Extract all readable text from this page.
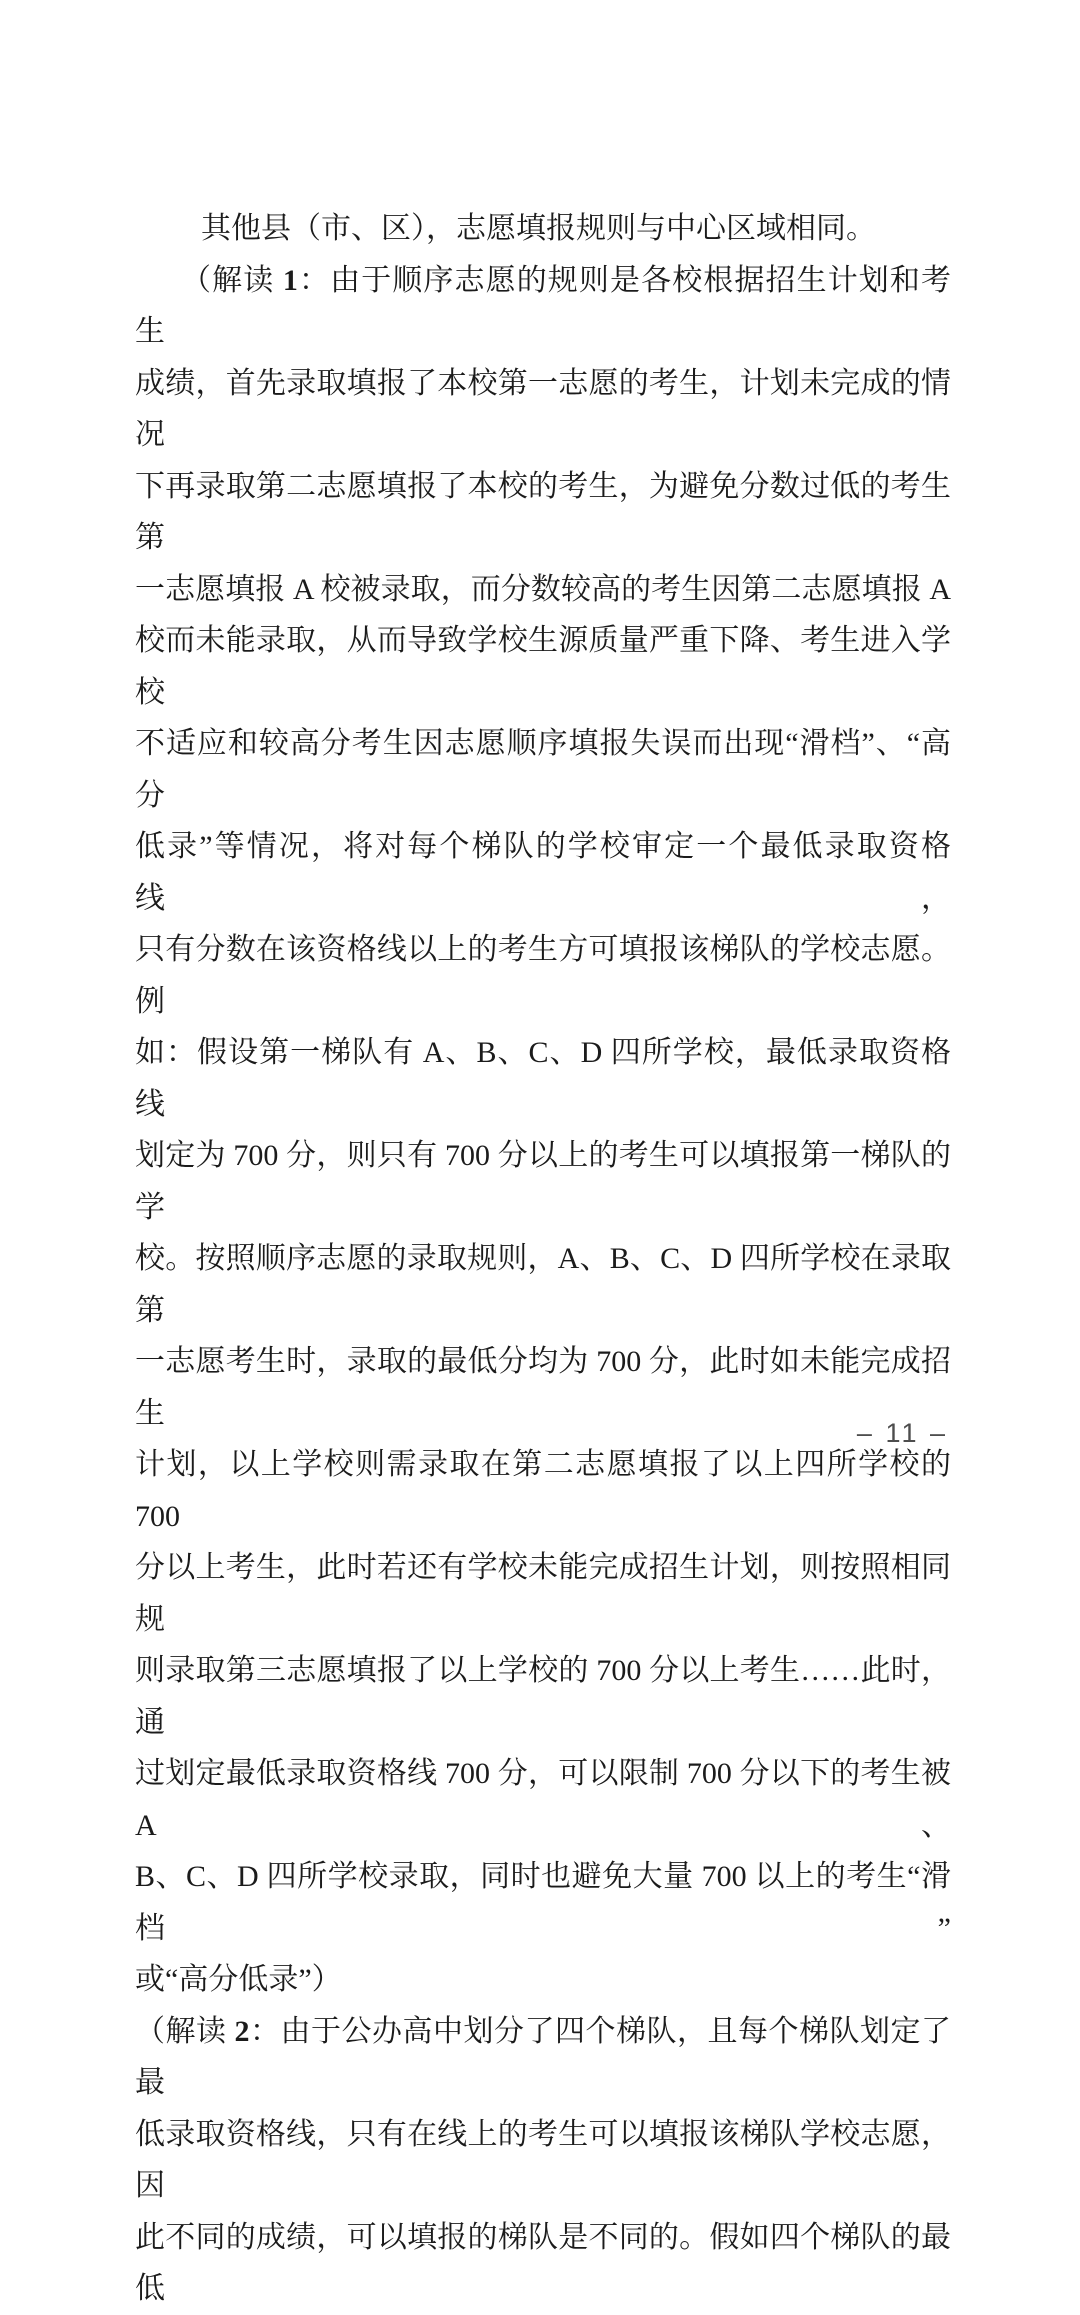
其他县（市、区），志愿填报规则与中心区域相同。
（解读 1：由于顺序志愿的规则是各校根据招生计划和考生
成绩，首先录取填报了本校第一志愿的考生，计划未完成的情况
下再录取第二志愿填报了本校的考生，为避免分数过低的考生第
一志愿填报 A 校被录取，而分数较高的考生因第二志愿填报 A
校而未能录取，从而导致学校生源质量严重下降、考生进入学校
不适应和较高分考生因志愿顺序填报失误而出现“滑档”、“高分
低录”等情况，将对每个梯队的学校审定一个最低录取资格线，
只有分数在该资格线以上的考生方可填报该梯队的学校志愿。例
如：假设第一梯队有 A、B、C、D 四所学校，最低录取资格线
划定为 700 分，则只有 700 分以上的考生可以填报第一梯队的学
校。按照顺序志愿的录取规则，A、B、C、D 四所学校在录取第
一志愿考生时，录取的最低分均为 700 分，此时如未能完成招生
计划，以上学校则需录取在第二志愿填报了以上四所学校的 700
分以上考生，此时若还有学校未能完成招生计划，则按照相同规
则录取第三志愿填报了以上学校的 700 分以上考生……此时，通
过划定最低录取资格线 700 分，可以限制 700 分以下的考生被 A、
B、C、D 四所学校录取，同时也避免大量 700 以上的考生“滑档”
或“高分低录”）
（解读 2：由于公办高中划分了四个梯队，且每个梯队划定了最
低录取资格线，只有在线上的考生可以填报该梯队学校志愿，因
此不同的成绩，可以填报的梯队是不同的。假如四个梯队的最低
– 11 –
